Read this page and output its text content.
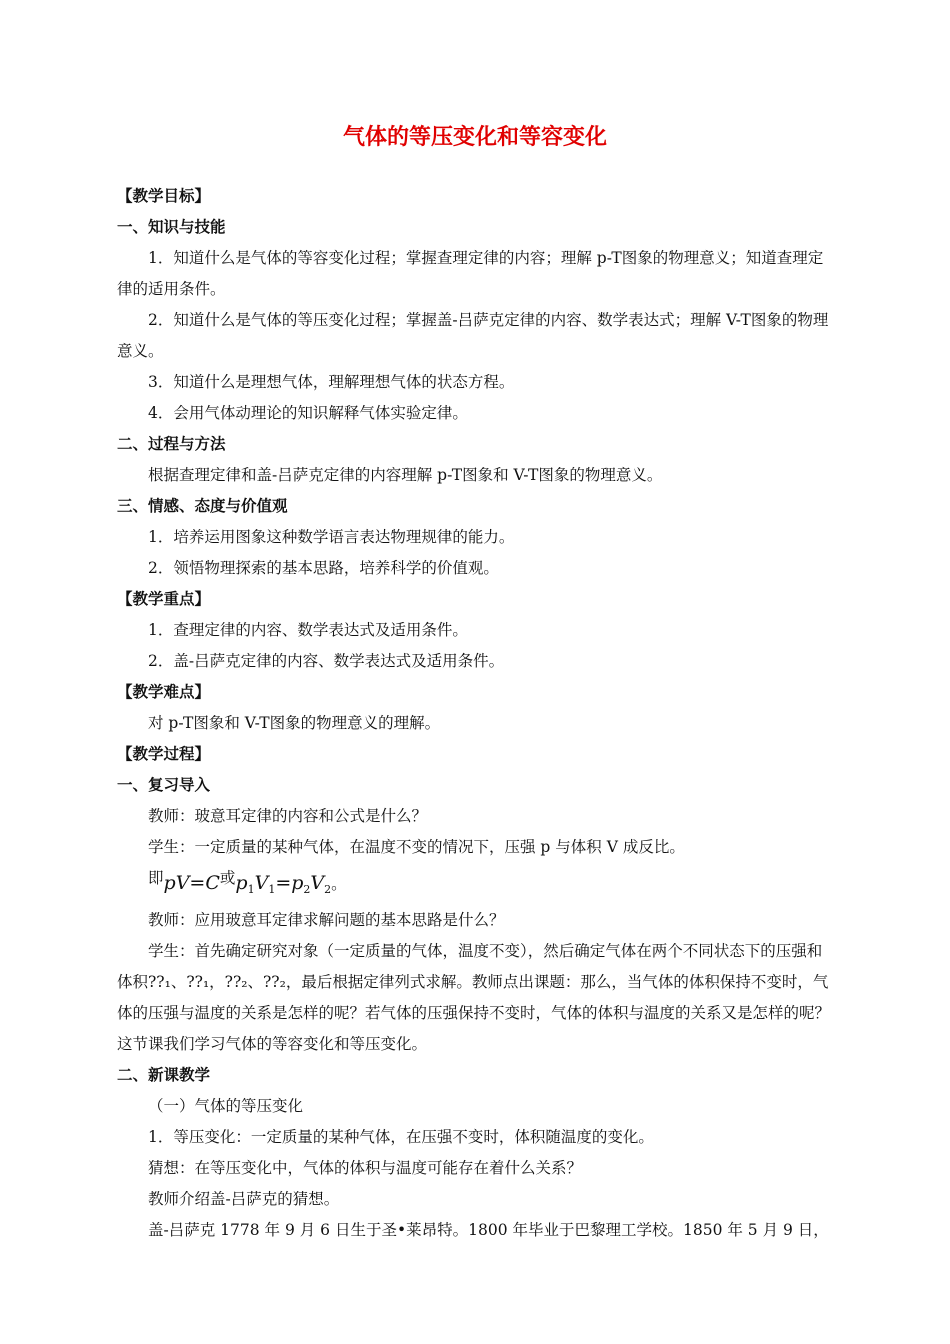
气体的等压变化和等容变化

【教学目标】

一、知识与技能

1．知道什么是气体的等容变化过程；掌握查理定律的内容；理解 p-T图象的物理意义；知道查理定律的适用条件。

2．知道什么是气体的等压变化过程；掌握盖-吕萨克定律的内容、数学表达式；理解 V-T图象的物理意义。

3．知道什么是理想气体，理解理想气体的状态方程。

4．会用气体动理论的知识解释气体实验定律。

二、过程与方法

根据查理定律和盖-吕萨克定律的内容理解 p-T图象和 V-T图象的物理意义。

三、情感、态度与价值观

1．培养运用图象这种数学语言表达物理规律的能力。

2．领悟物理探索的基本思路，培养科学的价值观。

【教学重点】

1．查理定律的内容、数学表达式及适用条件。

2．盖-吕萨克定律的内容、数学表达式及适用条件。

【教学难点】

对 p-T图象和 V-T图象的物理意义的理解。

【教学过程】

一、复习导入

教师：玻意耳定律的内容和公式是什么？

学生：一定质量的某种气体，在温度不变的情况下，压强 p 与体积 V 成反比。

即pV=C或$p_1V_1=p_2V_2$。

教师：应用玻意耳定律求解问题的基本思路是什么？

学生：首先确定研究对象（一定质量的气体，温度不变），然后确定气体在两个不同状态下的压强和体积??₁、??₁，??₂、??₂，最后根据定律列式求解。教师点出课题：那么，当气体的体积保持不变时，气体的压强与温度的关系是怎样的呢？若气体的压强保持不变时，气体的体积与温度的关系又是怎样的呢？这节课我们学习气体的等容变化和等压变化。

二、新课教学

（一）气体的等压变化

1．等压变化：一定质量的某种气体，在压强不变时，体积随温度的变化。

猜想：在等压变化中，气体的体积与温度可能存在着什么关系？

教师介绍盖-吕萨克的猜想。

盖-吕萨克 1778 年 9 月 6 日生于圣•莱昂特。1800 年毕业于巴黎理工学校。1850 年 5 月 9 日，
